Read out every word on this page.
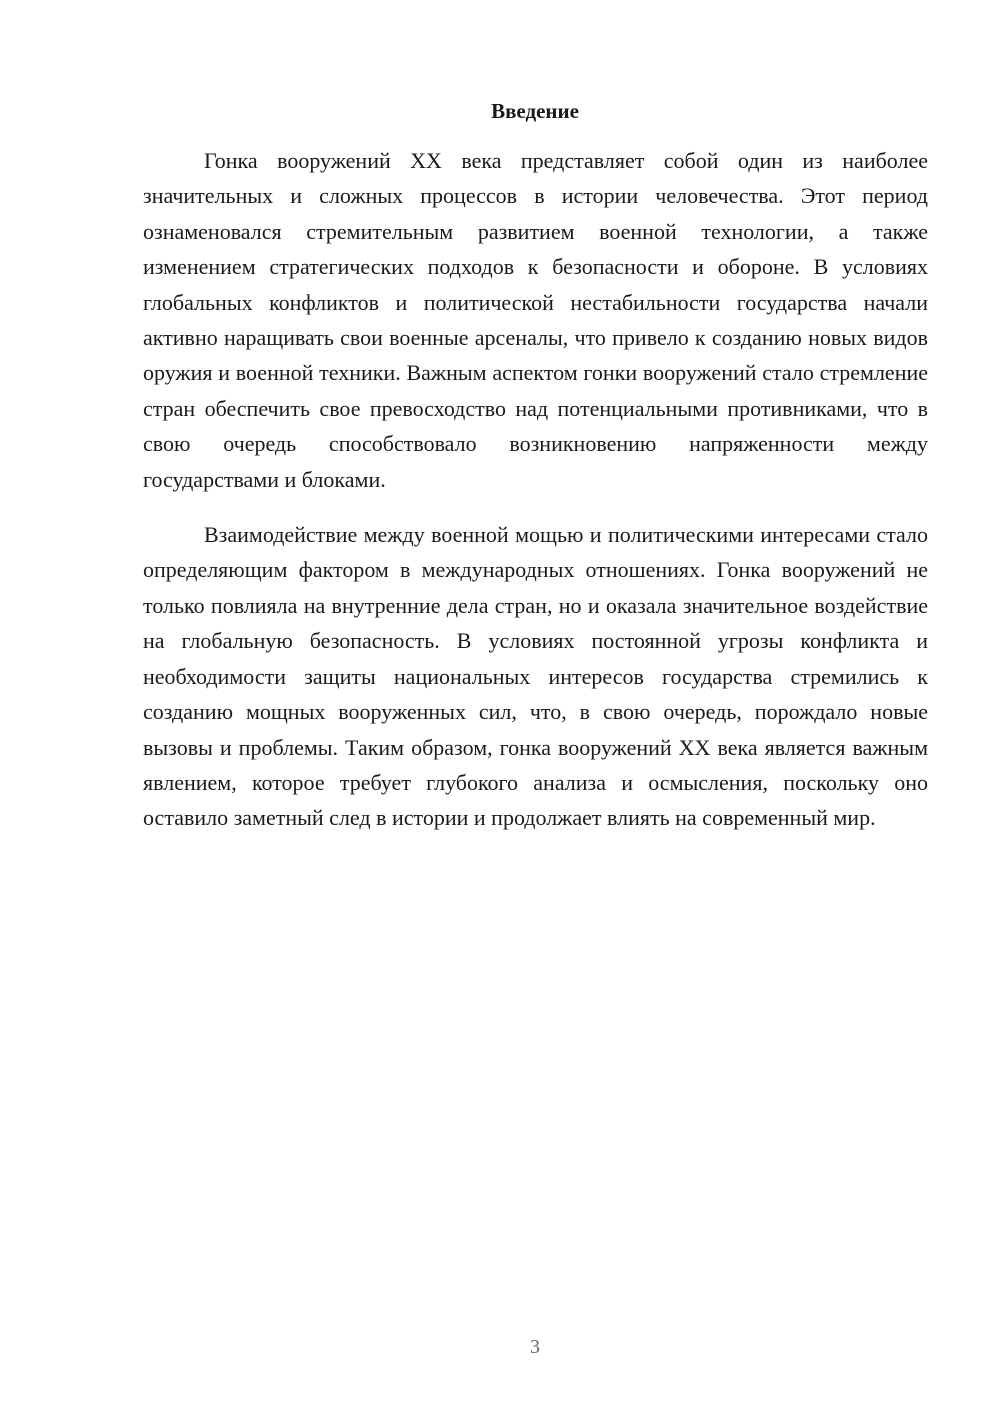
Введение

Гонка вооружений XX века представляет собой один из наиболее значительных и сложных процессов в истории человечества. Этот период ознаменовался стремительным развитием военной технологии, а также изменением стратегических подходов к безопасности и обороне. В условиях глобальных конфликтов и политической нестабильности государства начали активно наращивать свои военные арсеналы, что привело к созданию новых видов оружия и военной техники. Важным аспектом гонки вооружений стало стремление стран обеспечить свое превосходство над потенциальными противниками, что в свою очередь способствовало возникновению напряженности между государствами и блоками.

Взаимодействие между военной мощью и политическими интересами стало определяющим фактором в международных отношениях. Гонка вооружений не только повлияла на внутренние дела стран, но и оказала значительное воздействие на глобальную безопасность. В условиях постоянной угрозы конфликта и необходимости защиты национальных интересов государства стремились к созданию мощных вооруженных сил, что, в свою очередь, порождало новые вызовы и проблемы. Таким образом, гонка вооружений XX века является важным явлением, которое требует глубокого анализа и осмысления, поскольку оно оставило заметный след в истории и продолжает влиять на современный мир.

3
